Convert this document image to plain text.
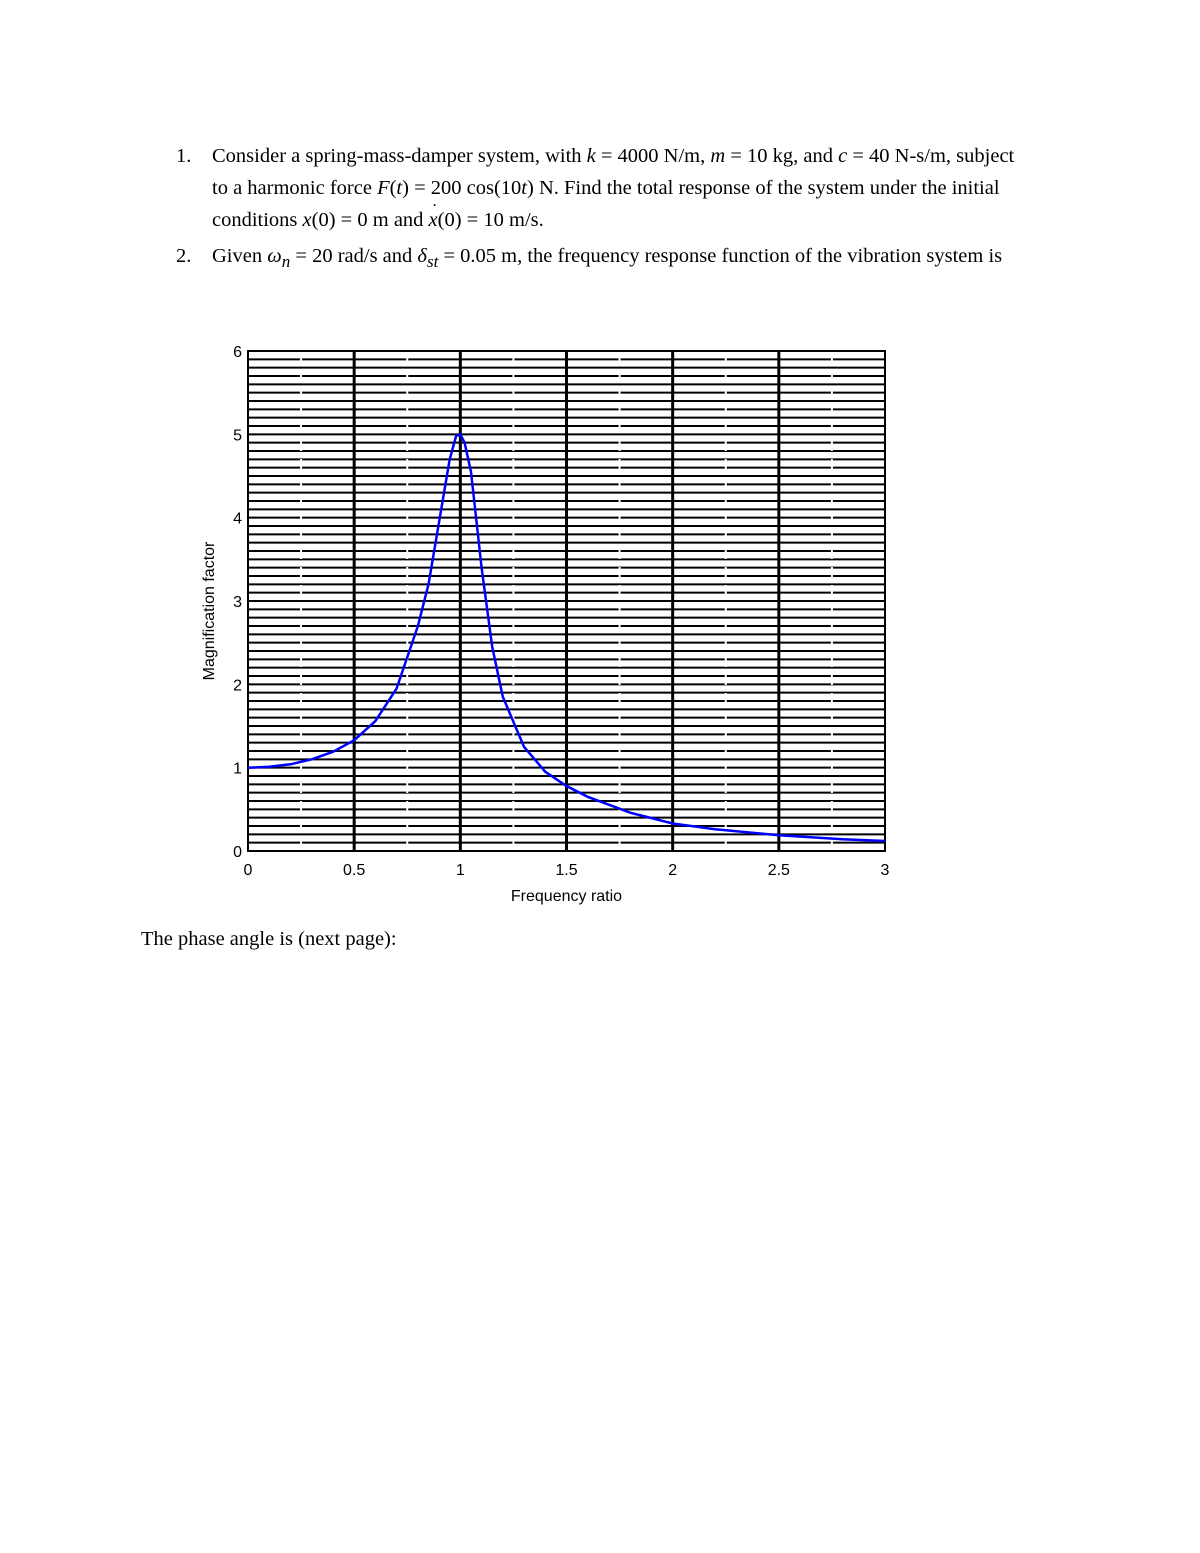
1. Consider a spring-mass-damper system, with k = 4000 N/m, m = 10 kg, and c = 40 N-s/m, subject to a harmonic force F(t) = 200 cos(10t) N. Find the total response of the system under the initial conditions x(0) = 0 m and ˙ x(0) = 10 m/s.
2. Given $\omega_n = 20$ rad/s and $\delta_{st} = 0.05$ m, the frequency response function of the vibration system is
0	0.5	1	1.5	2	2.5	3
0
1
2
3
4
5
6
Frequency ratio
Magnification factor
The phase angle is (next page):
